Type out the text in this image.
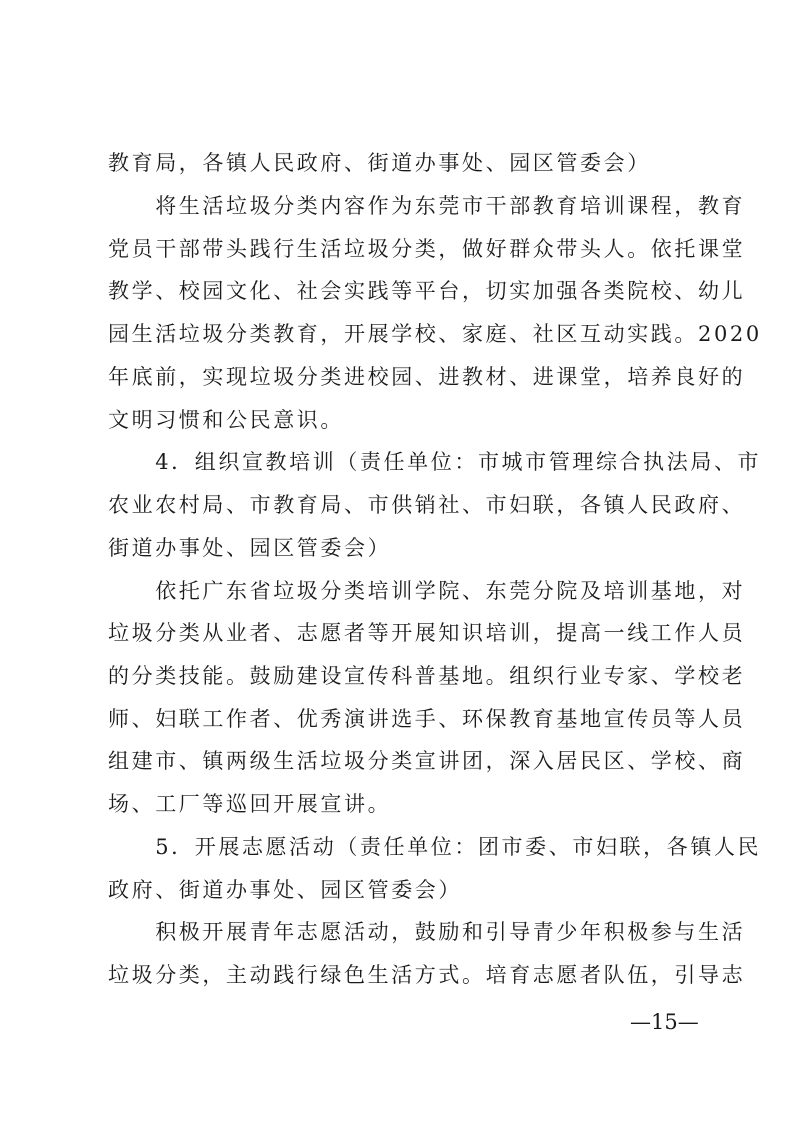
教育局，各镇人民政府、街道办事处、园区管委会）
　　将生活垃圾分类内容作为东莞市干部教育培训课程，教育
党员干部带头践行生活垃圾分类，做好群众带头人。依托课堂
教学、校园文化、社会实践等平台，切实加强各类院校、幼儿
园生活垃圾分类教育，开展学校、家庭、社区互动实践。2020
年底前，实现垃圾分类进校园、进教材、进课堂，培养良好的
文明习惯和公民意识。
　　4．组织宣教培训（责任单位：市城市管理综合执法局、市
农业农村局、市教育局、市供销社、市妇联，各镇人民政府、
街道办事处、园区管委会）
　　依托广东省垃圾分类培训学院、东莞分院及培训基地，对
垃圾分类从业者、志愿者等开展知识培训，提高一线工作人员
的分类技能。鼓励建设宣传科普基地。组织行业专家、学校老
师、妇联工作者、优秀演讲选手、环保教育基地宣传员等人员
组建市、镇两级生活垃圾分类宣讲团，深入居民区、学校、商
场、工厂等巡回开展宣讲。
　　5．开展志愿活动（责任单位：团市委、市妇联，各镇人民
政府、街道办事处、园区管委会）
　　积极开展青年志愿活动，鼓励和引导青少年积极参与生活
垃圾分类，主动践行绿色生活方式。培育志愿者队伍，引导志
—15—
